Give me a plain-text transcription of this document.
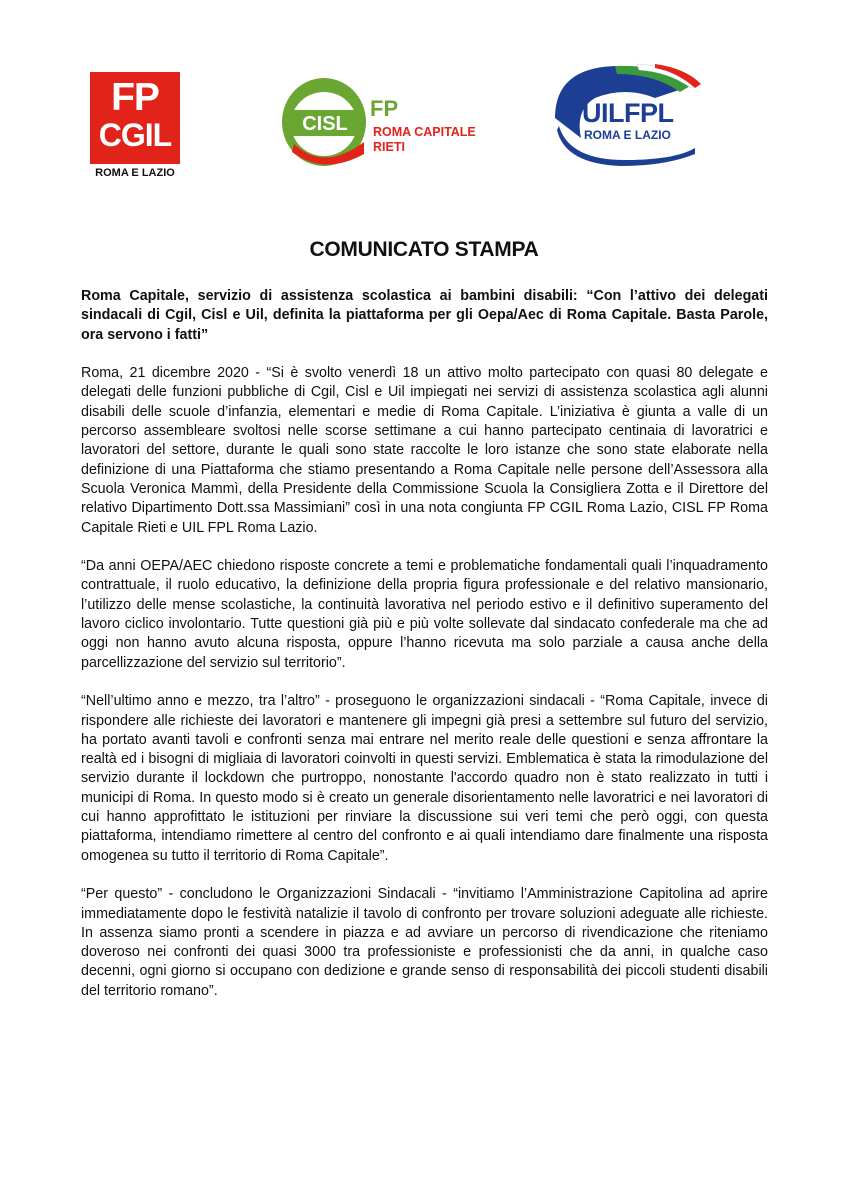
FP
CGIL
ROMA E LAZIO
CISL
FP
ROMA CAPITALE
RIETI
UILFPL
ROMA E LAZIO
COMUNICATO STAMPA

Roma Capitale, servizio di assistenza scolastica ai bambini disabili: “Con l’attivo dei delegati sindacali di Cgil, Cisl e Uil, definita la piattaforma per gli Oepa/Aec di Roma Capitale. Basta Parole, ora servono i fatti”

Roma, 21 dicembre 2020 - “Si è svolto venerdì 18 un attivo molto partecipato con quasi 80 delegate e delegati delle funzioni pubbliche di Cgil, Cisl e Uil impiegati nei servizi di assistenza scolastica agli alunni disabili delle scuole d’infanzia, elementari e medie di Roma Capitale. L’iniziativa è giunta a valle di un percorso assembleare svoltosi nelle scorse settimane a cui hanno partecipato centinaia di lavoratrici e lavoratori del settore, durante le quali sono state raccolte le loro istanze che sono state elaborate nella definizione di una Piattaforma che stiamo presentando a Roma Capitale nelle persone dell’Assessora alla Scuola Veronica Mammì, della Presidente della Commissione Scuola la Consigliera Zotta e il Direttore del relativo Dipartimento Dott.ssa Massimiani” così in una nota congiunta FP CGIL Roma Lazio, CISL FP Roma Capitale Rieti e UIL FPL Roma Lazio.

“Da anni OEPA/AEC chiedono risposte concrete a temi e problematiche fondamentali quali l’inquadramento contrattuale, il ruolo educativo, la definizione della propria figura professionale e del relativo mansionario, l’utilizzo delle mense scolastiche, la continuità lavorativa nel periodo estivo e il definitivo superamento del lavoro ciclico involontario. Tutte questioni già più e più volte sollevate dal sindacato confederale ma che ad oggi non hanno avuto alcuna risposta, oppure l’hanno ricevuta ma solo parziale a causa anche della parcellizzazione del servizio sul territorio”.

“Nell’ultimo anno e mezzo, tra l’altro” - proseguono le organizzazioni sindacali - “Roma Capitale, invece di rispondere alle richieste dei lavoratori e mantenere gli impegni già presi a settembre sul futuro del servizio, ha portato avanti tavoli e confronti senza mai entrare nel merito reale delle questioni e senza affrontare la realtà ed i bisogni di migliaia di lavoratori coinvolti in questi servizi. Emblematica è stata la rimodulazione del servizio durante il lockdown che purtroppo, nonostante l'accordo quadro non è stato realizzato in tutti i municipi di Roma. In questo modo si è creato un generale disorientamento nelle lavoratrici e nei lavoratori di cui hanno approfittato le istituzioni per rinviare la discussione sui veri temi che però oggi, con questa piattaforma, intendiamo rimettere al centro del confronto e ai quali intendiamo dare finalmente una risposta omogenea su tutto il territorio di Roma Capitale”.

“Per questo” - concludono le Organizzazioni Sindacali - “invitiamo l’Amministrazione Capitolina ad aprire immediatamente dopo le festività natalizie il tavolo di confronto per trovare soluzioni adeguate alle richieste. In assenza siamo pronti a scendere in piazza e ad avviare un percorso di rivendicazione che riteniamo doveroso nei confronti dei quasi 3000 tra professioniste e professionisti che da anni, in qualche caso decenni, ogni giorno si occupano con dedizione e grande senso di responsabilità dei piccoli studenti disabili del territorio romano”.
